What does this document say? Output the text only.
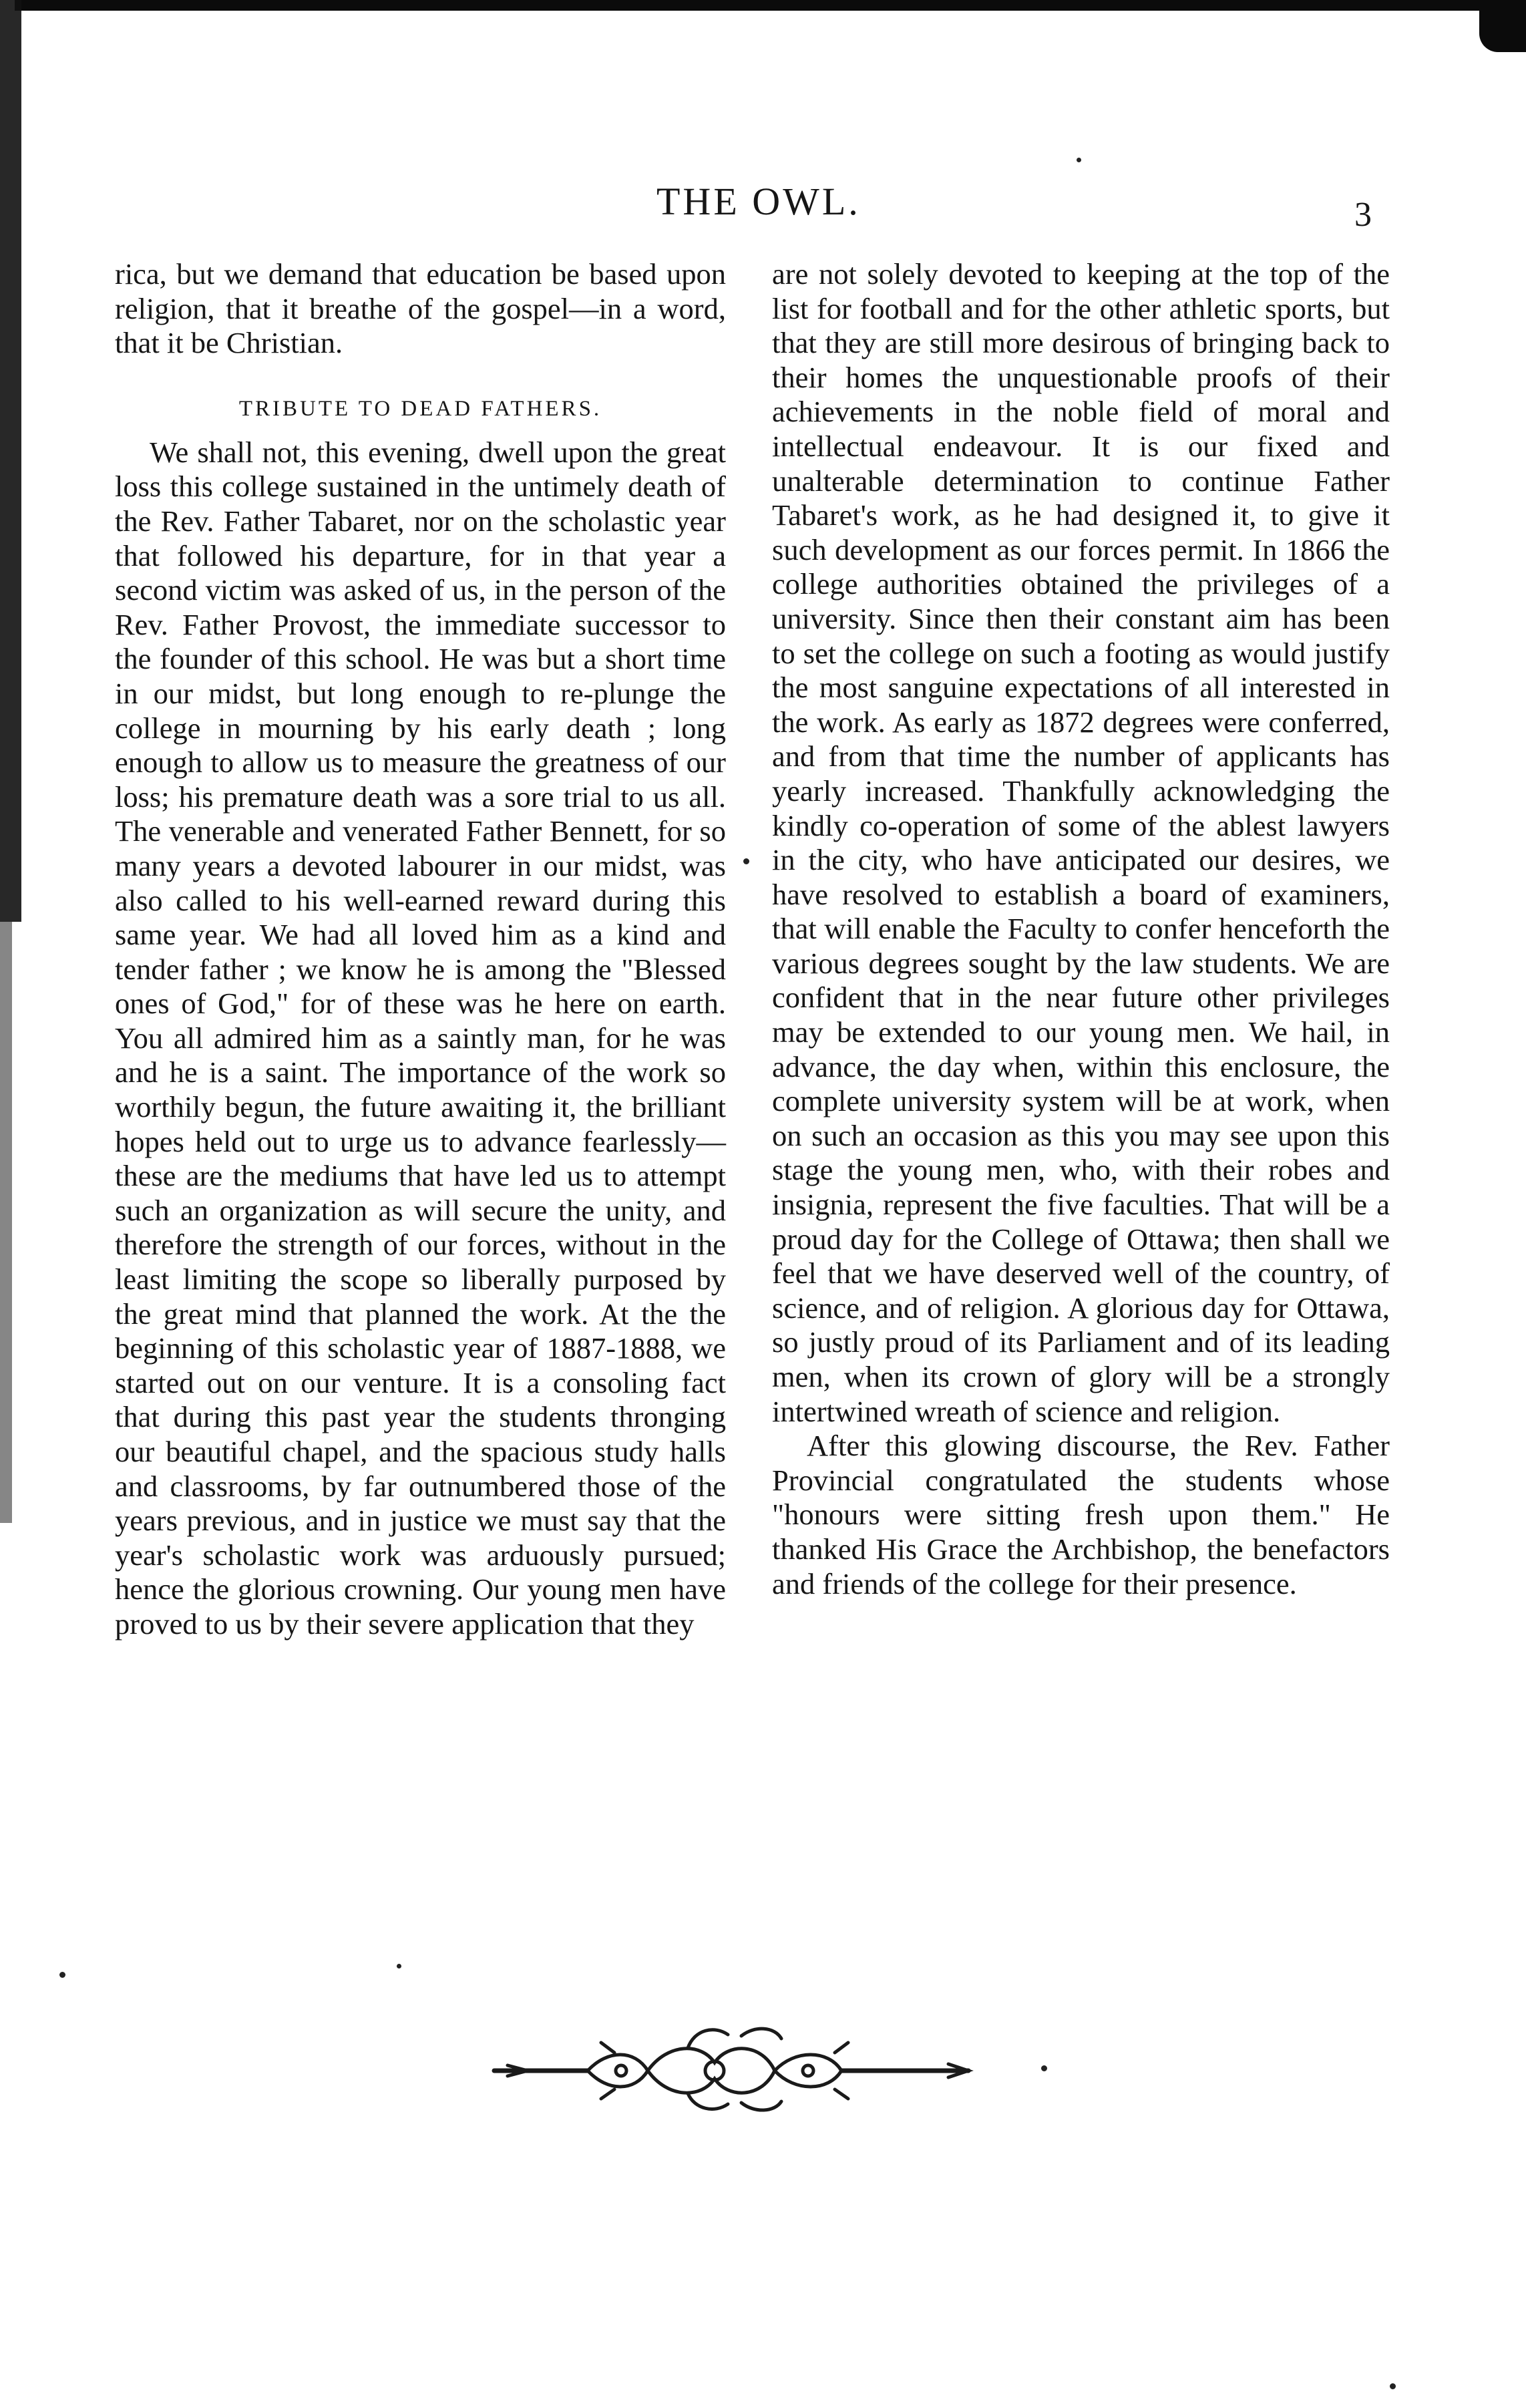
THE OWL.	3

rica, but we demand that education be based upon religion, that it breathe of the gospel—in a word, that it be Christian.

TRIBUTE TO DEAD FATHERS.

We shall not, this evening, dwell upon the great loss this college sustained in the untimely death of the Rev. Father Tabaret, nor on the scholastic year that followed his departure, for in that year a second victim was asked of us, in the person of the Rev. Father Provost, the immediate successor to the founder of this school. He was but a short time in our midst, but long enough to re-plunge the college in mourning by his early death ; long enough to allow us to measure the greatness of our loss; his premature death was a sore trial to us all. The venerable and venerated Father Bennett, for so many years a devoted labourer in our midst, was also called to his well-earned reward during this same year. We had all loved him as a kind and tender father ; we know he is among the "Blessed ones of God," for of these was he here on earth. You all admired him as a saintly man, for he was and he is a saint. The importance of the work so worthily begun, the future awaiting it, the brilliant hopes held out to urge us to advance fearlessly—these are the mediums that have led us to attempt such an organization as will secure the unity, and therefore the strength of our forces, without in the least limiting the scope so liberally purposed by the great mind that planned the work. At the the beginning of this scholastic year of 1887-1888, we started out on our venture. It is a consoling fact that during this past year the students thronging our beautiful chapel, and the spacious study halls and classrooms, by far outnumbered those of the years previous, and in justice we must say that the year's scholastic work was arduously pursued; hence the glorious crowning. Our young men have proved to us by their severe application that they

are not solely devoted to keeping at the top of the list for football and for the other athletic sports, but that they are still more desirous of bringing back to their homes the unquestionable proofs of their achievements in the noble field of moral and intellectual endeavour. It is our fixed and unalterable determination to continue Father Tabaret's work, as he had designed it, to give it such development as our forces permit. In 1866 the college authorities obtained the privileges of a university. Since then their constant aim has been to set the college on such a footing as would justify the most sanguine expectations of all interested in the work. As early as 1872 degrees were conferred, and from that time the number of applicants has yearly increased. Thankfully acknowledging the kindly co-operation of some of the ablest lawyers in the city, who have anticipated our desires, we have resolved to establish a board of examiners, that will enable the Faculty to confer henceforth the various degrees sought by the law students. We are confident that in the near future other privileges may be extended to our young men. We hail, in advance, the day when, within this enclosure, the complete university system will be at work, when on such an occasion as this you may see upon this stage the young men, who, with their robes and insignia, represent the five faculties. That will be a proud day for the College of Ottawa; then shall we feel that we have deserved well of the country, of science, and of religion. A glorious day for Ottawa, so justly proud of its Parliament and of its leading men, when its crown of glory will be a strongly intertwined wreath of science and religion.

After this glowing discourse, the Rev. Father Provincial congratulated the students whose "honours were sitting fresh upon them." He thanked His Grace the Archbishop, the benefactors and friends of the college for their presence.
